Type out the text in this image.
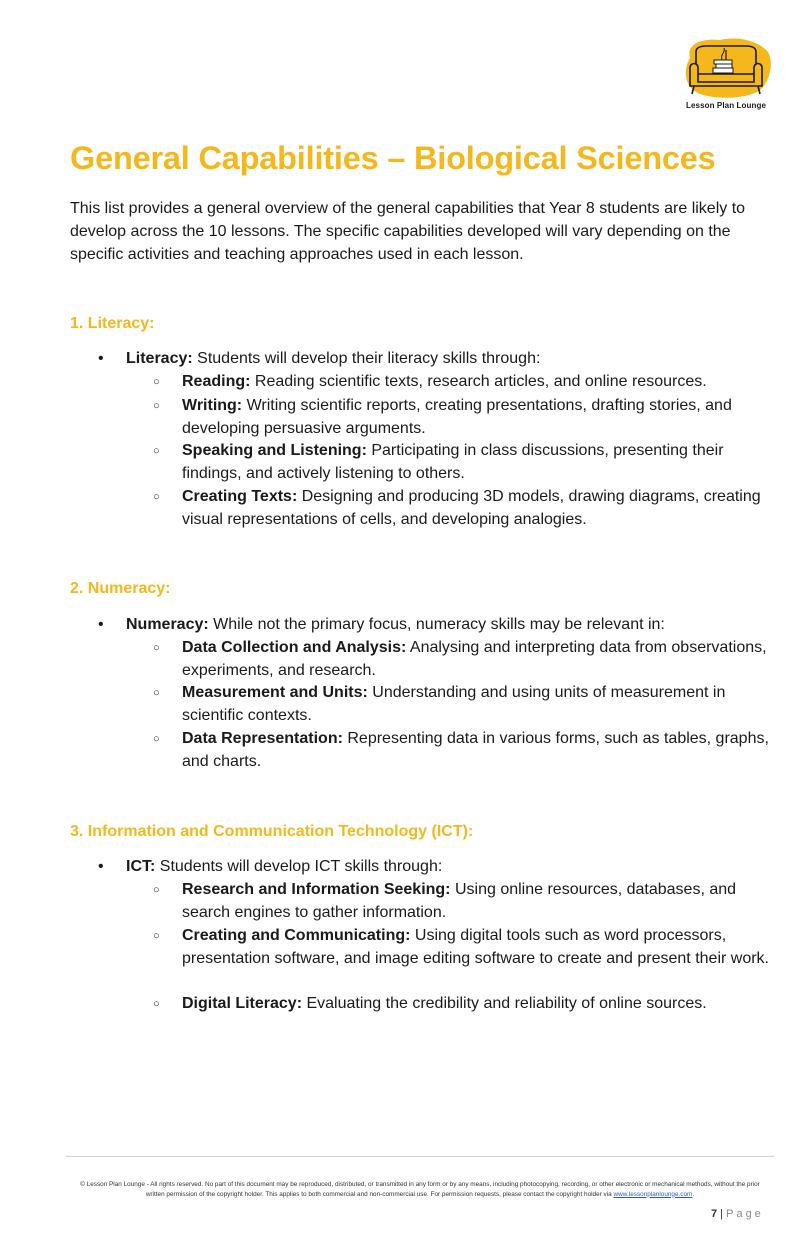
Lesson Plan Lounge
General Capabilities – Biological Sciences
This list provides a general overview of the general capabilities that Year 8 students are likely to develop across the 10 lessons. The specific capabilities developed will vary depending on the specific activities and teaching approaches used in each lesson.
1. Literacy:
• Literacy: Students will develop their literacy skills through:
○ Reading: Reading scientific texts, research articles, and online resources.
○ Writing: Writing scientific reports, creating presentations, drafting stories, and developing persuasive arguments.
○ Speaking and Listening: Participating in class discussions, presenting their findings, and actively listening to others.
○ Creating Texts: Designing and producing 3D models, drawing diagrams, creating visual representations of cells, and developing analogies.
2. Numeracy:
• Numeracy: While not the primary focus, numeracy skills may be relevant in:
○ Data Collection and Analysis: Analysing and interpreting data from observations, experiments, and research.
○ Measurement and Units: Understanding and using units of measurement in scientific contexts.
○ Data Representation: Representing data in various forms, such as tables, graphs, and charts.
3. Information and Communication Technology (ICT):
• ICT: Students will develop ICT skills through:
○ Research and Information Seeking: Using online resources, databases, and search engines to gather information.
○ Creating and Communicating: Using digital tools such as word processors, presentation software, and image editing software to create and present their work.
○ Digital Literacy: Evaluating the credibility and reliability of online sources.
© Lesson Plan Lounge - All rights reserved. No part of this document may be reproduced, distributed, or transmitted in any form or by any means, including photocopying, recording, or other electronic or mechanical methods, without the prior written permission of the copyright holder. This applies to both commercial and non-commercial use. For permission requests, please contact the copyright holder via www.lessonplanlounge.com.
7 | Page
